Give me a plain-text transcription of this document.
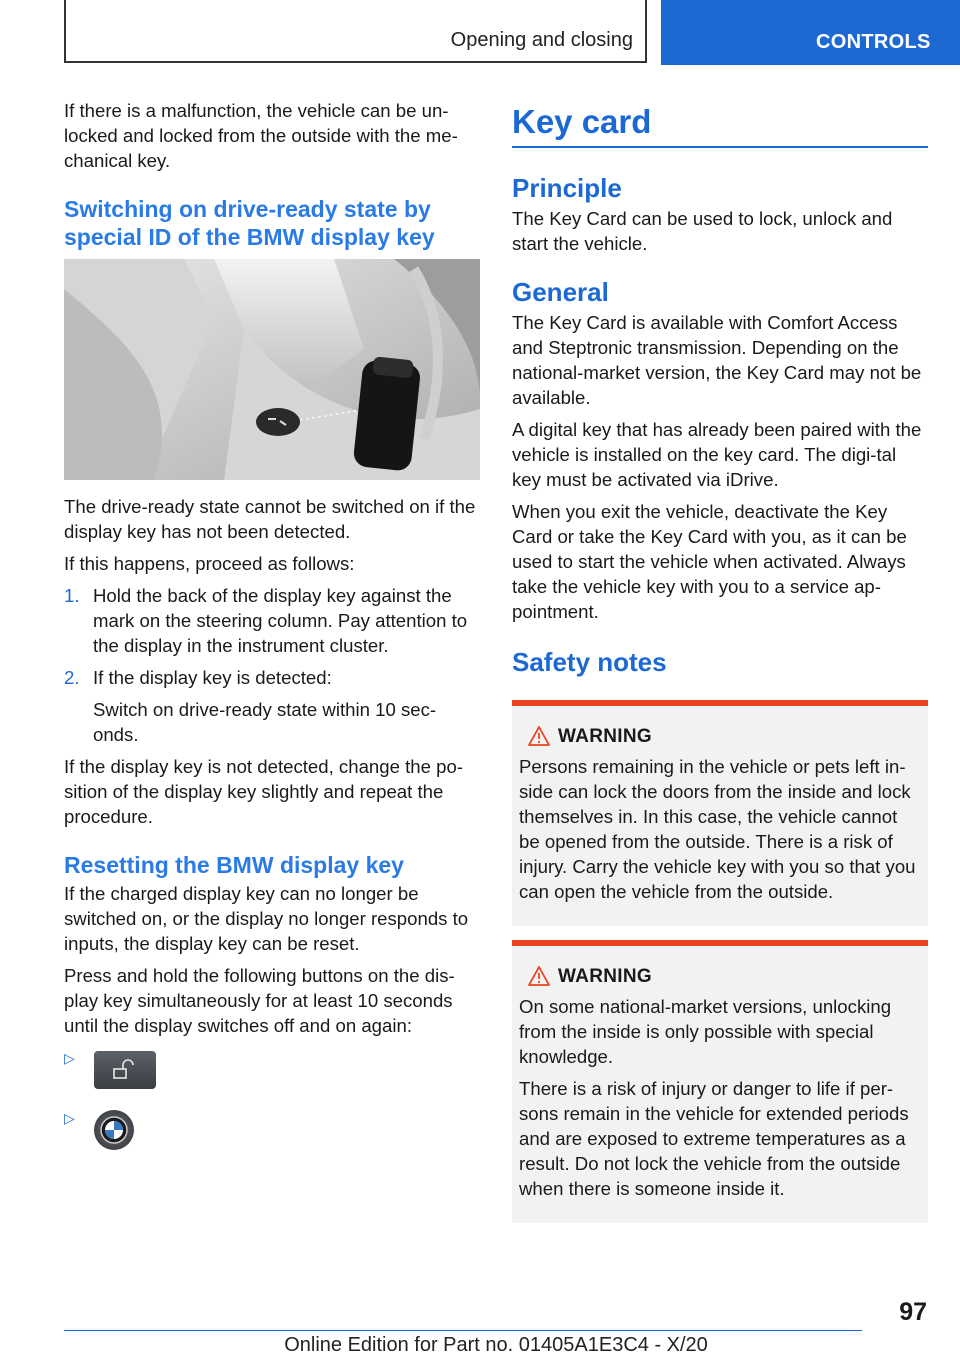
Opening and closing	CONTROLS

If there is a malfunction, the vehicle can be un‐locked and locked from the outside with the me‐chanical key.

Switching on drive-ready state by special ID of the BMW display key

The drive-ready state cannot be switched on if the display key has not been detected.

If this happens, proceed as follows:

1. Hold the back of the display key against the mark on the steering column. Pay attention to the display in the instrument cluster.
2. If the display key is detected:
Switch on drive-ready state within 10 sec‐onds.

If the display key is not detected, change the po‐sition of the display key slightly and repeat the procedure.

Resetting the BMW display key

If the charged display key can no longer be switched on, or the display no longer responds to inputs, the display key can be reset.

Press and hold the following buttons on the dis‐play key simultaneously for at least 10 seconds until the display switches off and on again:

▷
▷
Key card
Principle

The Key Card can be used to lock, unlock and start the vehicle.

General

The Key Card is available with Comfort Access and Steptronic transmission. Depending on the national-market version, the Key Card may not be available.

A digital key that has already been paired with the vehicle is installed on the key card. The digi‐tal key must be activated via iDrive.

When you exit the vehicle, deactivate the Key Card or take the Key Card with you, as it can be used to start the vehicle when activated. Always take the vehicle key with you to a service ap‐pointment.

Safety notes
WARNING

Persons remaining in the vehicle or pets left in‐side can lock the doors from the inside and lock themselves in. In this case, the vehicle cannot be opened from the outside. There is a risk of injury. Carry the vehicle key with you so that you can open the vehicle from the outside.

WARNING

On some national-market versions, unlocking from the inside is only possible with special knowledge.

There is a risk of injury or danger to life if per‐sons remain in the vehicle for extended periods and are exposed to extreme temperatures as a result. Do not lock the vehicle from the outside when there is someone inside it.

97
Online Edition for Part no. 01405A1E3C4 - X/20
